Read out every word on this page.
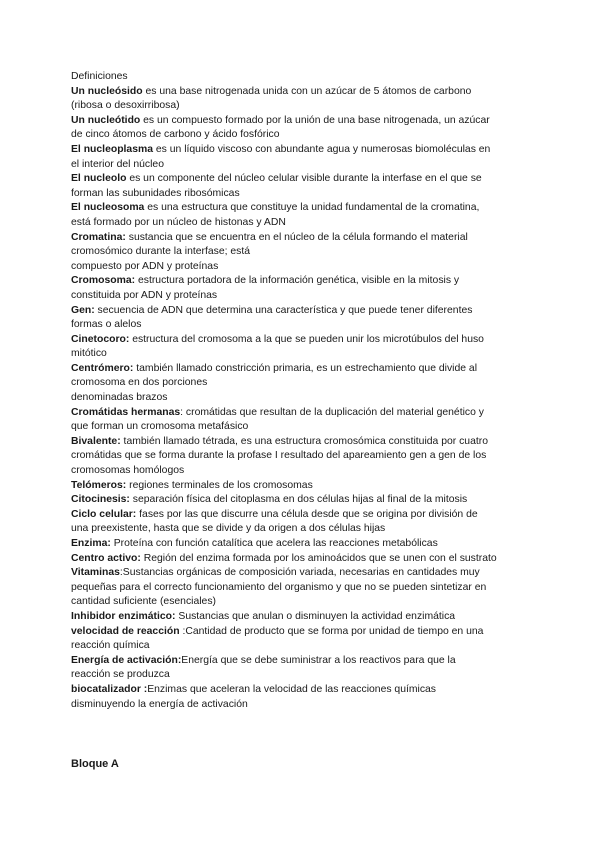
Definiciones
Un nucleósido es una base nitrogenada unida con un azúcar de 5 átomos de carbono
(ribosa o desoxirribosa)
Un nucleótido es un compuesto formado por la unión de una base nitrogenada, un azúcar
de cinco átomos de carbono y ácido fosfórico
El nucleoplasma es un líquido viscoso con abundante agua y numerosas biomoléculas en
el interior del núcleo
El nucleolo es un componente del núcleo celular visible durante la interfase en el que se
forman las subunidades ribosómicas
El nucleosoma es una estructura que constituye la unidad fundamental de la cromatina,
está formado por un núcleo de histonas y ADN
Cromatina: sustancia que se encuentra en el núcleo de la célula formando el material
cromosómico durante la interfase; está
compuesto por ADN y proteínas
Cromosoma: estructura portadora de la información genética, visible en la mitosis y
constituida por ADN y proteínas
Gen: secuencia de ADN que determina una característica y que puede tener diferentes
formas o alelos
Cinetocoro: estructura del cromosoma a la que se pueden unir los microtúbulos del huso
mitótico
Centrómero: también llamado constricción primaria, es un estrechamiento que divide al
cromosoma en dos porciones
denominadas brazos
Cromátidas hermanas: cromátidas que resultan de la duplicación del material genético y
que forman un cromosoma metafásico
Bivalente: también llamado tétrada, es una estructura cromosómica constituida por cuatro
cromátidas que se forma durante la profase I resultado del apareamiento gen a gen de los
cromosomas homólogos
Telómeros: regiones terminales de los cromosomas
Citocinesis: separación física del citoplasma en dos células hijas al final de la mitosis
Ciclo celular: fases por las que discurre una célula desde que se origina por división de
una preexistente, hasta que se divide y da origen a dos células hijas
Enzima: Proteína con función catalítica que acelera las reacciones metabólicas
Centro activo: Región del enzima formada por los aminoácidos que se unen con el sustrato
Vitaminas:Sustancias orgánicas de composición variada, necesarias en cantidades muy
pequeñas para el correcto funcionamiento del organismo y que no se pueden sintetizar en
cantidad suficiente (esenciales)
Inhibidor enzimático: Sustancias que anulan o disminuyen la actividad enzimática
velocidad de reacción :Cantidad de producto que se forma por unidad de tiempo en una
reacción química
Energía de activación:Energía que se debe suministrar a los reactivos para que la
reacción se produzca
biocatalizador :Enzimas que aceleran la velocidad de las reacciones químicas
disminuyendo la energía de activación
Bloque A
